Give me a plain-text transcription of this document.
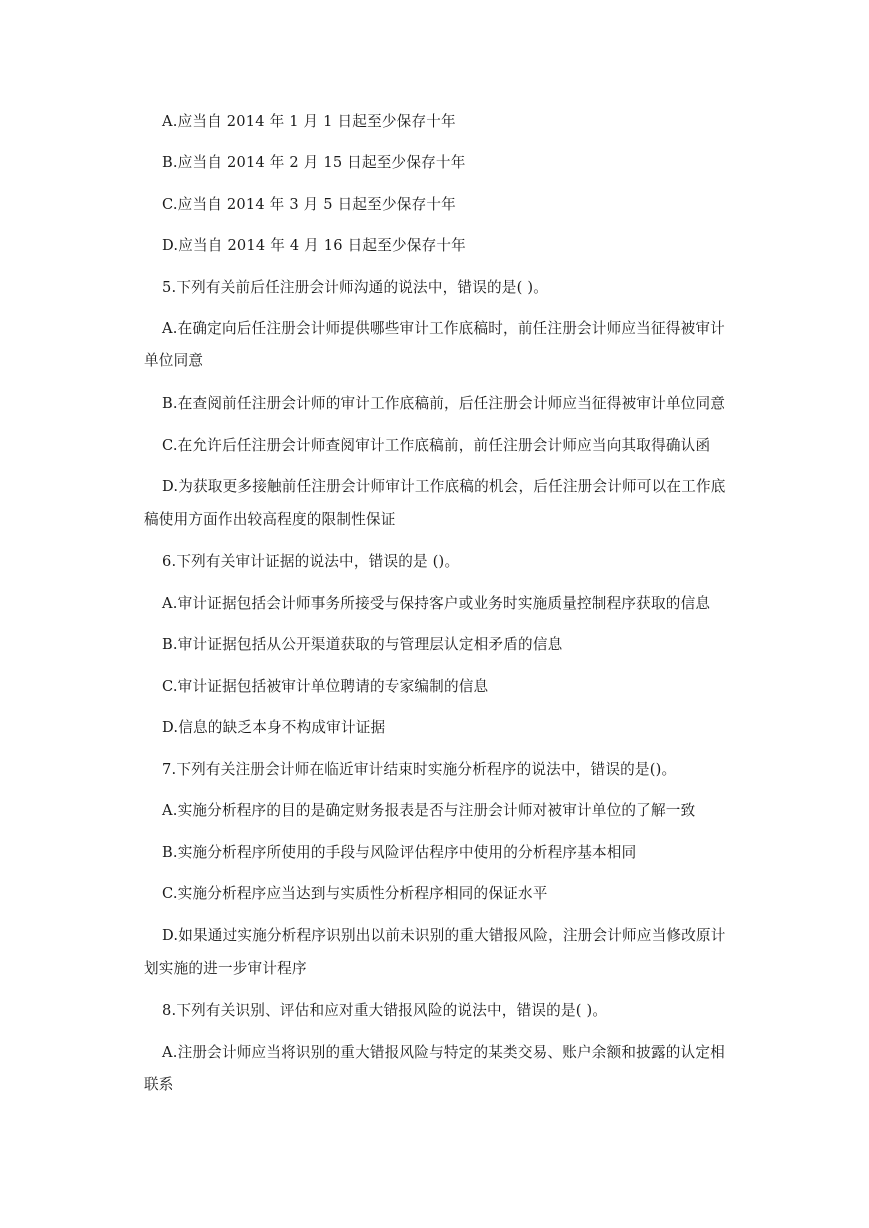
A.应当自 2014 年 1 月 1 日起至少保存十年
B.应当自 2014 年 2 月 15 日起至少保存十年
C.应当自 2014 年 3 月 5 日起至少保存十年
D.应当自 2014 年 4 月 16 日起至少保存十年
5.下列有关前后任注册会计师沟通的说法中，错误的是( )。
A.在确定向后任注册会计师提供哪些审计工作底稿时，前任注册会计师应当征得被审计
单位同意
B.在查阅前任注册会计师的审计工作底稿前，后任注册会计师应当征得被审计单位同意
C.在允许后任注册会计师查阅审计工作底稿前，前任注册会计师应当向其取得确认函
D.为获取更多接触前任注册会计师审计工作底稿的机会，后任注册会计师可以在工作底
稿使用方面作出较高程度的限制性保证
6.下列有关审计证据的说法中，错误的是 ()。
A.审计证据包括会计师事务所接受与保持客户或业务时实施质量控制程序获取的信息
B.审计证据包括从公开渠道获取的与管理层认定相矛盾的信息
C.审计证据包括被审计单位聘请的专家编制的信息
D.信息的缺乏本身不构成审计证据
7.下列有关注册会计师在临近审计结束时实施分析程序的说法中，错误的是()。
A.实施分析程序的目的是确定财务报表是否与注册会计师对被审计单位的了解一致
B.实施分析程序所使用的手段与风险评估程序中使用的分析程序基本相同
C.实施分析程序应当达到与实质性分析程序相同的保证水平
D.如果通过实施分析程序识别出以前未识别的重大错报风险，注册会计师应当修改原计
划实施的进一步审计程序
8.下列有关识别、评估和应对重大错报风险的说法中，错误的是( )。
A.注册会计师应当将识别的重大错报风险与特定的某类交易、账户余额和披露的认定相
联系
